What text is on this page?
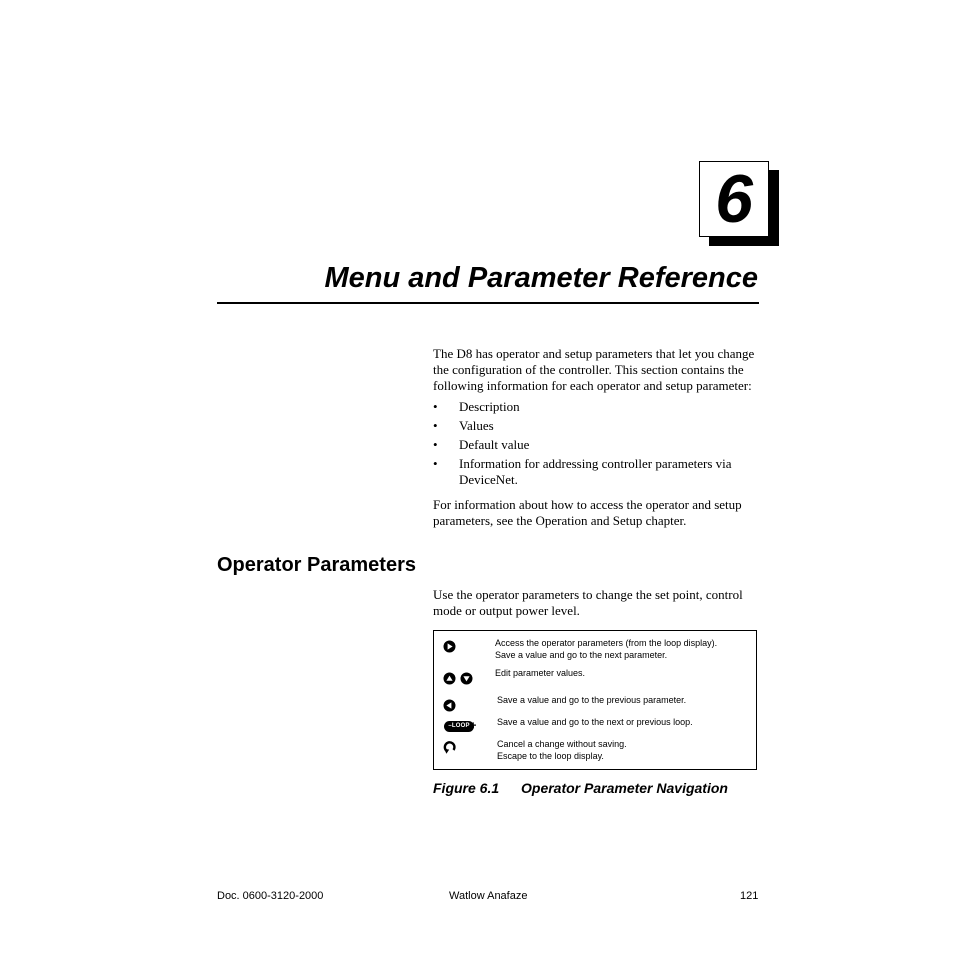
6
Menu and Parameter Reference

The D8 has operator and setup parameters that let you change the configuration of the controller. This section contains the following information for each operator and setup parameter:

• Description
• Values
• Default value
• Information for addressing controller parameters via DeviceNet.

For information about how to access the operator and setup parameters, see the Operation and Setup chapter.

Operator Parameters

Use the operator parameters to change the set point, control mode or output power level.

Access the operator parameters (from the loop display).
Save a value and go to the next parameter.
Edit parameter values.
Save a value and go to the previous parameter.
– LOOP + Save a value and go to the next or previous loop.
Cancel a change without saving.
Escape to the loop display.
Figure 6.1 Operator Parameter Navigation
Doc. 0600-3120-2000	Watlow Anafaze	121
